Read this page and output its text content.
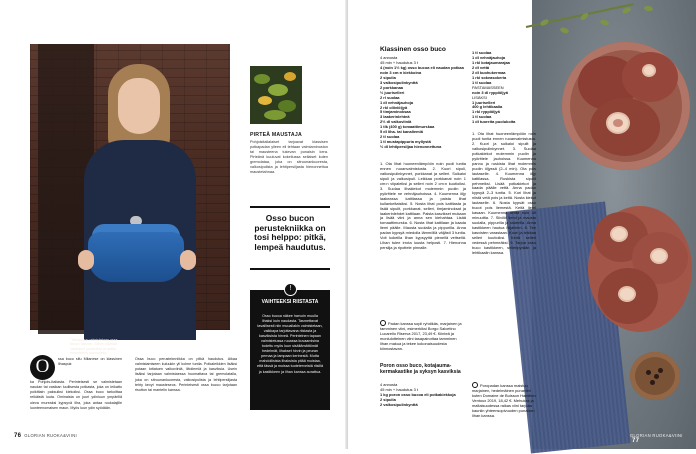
”Talvisessa valmistetaan ossa bucco harvoin. Siihen käyttää vasikanni punaviiniä ja lisään mausteena rosmariinia.”
O	ssa buco sifu Milanese on klassinen lihaspuk
ka Pohjois-Italiasta. Perinteisesti se valmistetaan naudan tai vasikan luullisesta potkasta, joka on leikattu poikittain paksuiksi kiekoiksi. Ossa buco tarkoittaa reikäistä luuta. Ominaista on juuri ydinluun ympärillä oleva mureaksi kypsyvä liha, joka antaa ruokalajille luonteenomaisen maun. Myös luun ydin syödään.
Ossa buco perusteknniikka on pitkä haudutus. Aikaa valmistamiseen kuluukin yli kolme tuntia. Potkaleikkien lisäksi potaan lottatuen valkoviiniä, liitoliemiä ja kasviksia. Usein lisäksi tarjotaan valmistaessa huomattava tai gremolatalla, joka on sitruunankuoresta, valkosipulista ja lehtipersiljasta tehty kevyt mausteseos. Perinteisesti ossa bucco tarjotaan risotton tai mantelin kanssa.
PIRTEÄ MAUSTAJA
Pohjoisitalialaiset tarjoavat klassisen potkapadan ylleen eli tehtaan valmiaminoston tai mausteena tukevan punaisin kera. Pirteänä kuuluvat kokeilussa sellaiset kuten gremolataa, joka on sitruunankuoresta, valkosipulista ja lehtipersiljasta hienonnettua maustetahnaa.
Osso bucon perustekniikka on tosi helppo: pitkä, lempeä haudutus.
!
VAIHTEEKSI RIISTASTA
Osso bucoa näkee harvoin muulla lihaksi kuin naudasta. Tasmettavat tavallisesti niin muuallakin valmistetaan, vaikkapa tarjottavana riistasta ja kasviksista hirveä. Perinteinen tapaan valmistetussa ruoassa kuvaamisina todettu myös luun sisältämättömät hedelmät, lihakset hirvin ja peuran pernaa ja lampaan kerinestä. Mutta mahdollisista lihaksista pitää muistaa, että tässä ja muissa tuoteterveistä riisillä ja kastikkeen ja lihan kanssa aurattua.
76 GLORIAN RUOKA&VIINI
Klassinen osso buco
4 annosta
45 min + haudutus 3 t
4 (noin 1½ kg) osso bucoa eli naudan potkaa noin 3 cm:n kiekkoina
2 sipulia
3 valkosipulinkynttä
2 porkkanaa
½ juuriselleri
2 rl suolaa
1 dl vehnäjauhoja
2 rkl oliiviöljyä
5 timjaminoksaa
3 laakerinlehteä
2½ dl valkoviiniä
1 tlk (400 g) tomaattimurskaa
5 dl liha- tai kanaliemiä
2 tl suolaa
1 tl mustapippuria myllystä
½ dl lehtipersiljaa hienonnettuna
1 tl suolaa
1 dl vehnäjauhoja
1 rkl kotajaumarajaa
2 dl vettä
2 dl kuohukermaa
1 rkl sokeasokeria
1 tl suolaa
PASTAMASSEEN
noin 3 dl ryppiöljyä
LISÄKSI
1 juuriselleri
400 g lehtikaalia
1 rkl ryppiöljyä
1 tl suolaa
1 dl tuoreita puolukoita
1. Ota lihat huoneenlämpöön noin puoli tuntia ennen ruoanvalmistusta. 2. Kuori sipuli, valkosipulinkynnet, porkkanat ja selleri. Suikaloi sipuli ja valkosipuli. Leikkaa porkkanat noin 1 cm:n viipaleiksi ja selleri noin 2 cm:n kuutioiksi. 3. Suolaa lihakiekot molemmin puolin ja pyörittele ne vehnäjauhoissa. 4. Kuumenna öljy laakeassa kattilassa ja paista lihat kullankeltaisiksi. 5. Nosta lihat pois kattilasta ja lisää sipulit, porkkanat, selleri, timjaminoksat ja laakerinlehdet kattilaan. Paista kasvikset mukaan ja lisää viini ja anna sen kiehahtaa. Lisää tomaattimurska. 6. Nosta lihat kattilaan ja kaada liemi päälle. Mausta suolalla ja pippurilla. Anna padan kypsyä miedolla lämmöllä väljästi 3 tuntia. Voit kokeilla lihan kypsyyttä pienellä veitsellä. Lihan tulee irrota luusta helposti. 7. Hienonna persilja ja ripottele pinnalle.
Padan kanssa sopii ryhdikäs, marjainen ja tamminen viini, esimerkiksi Borgo Salcetino Lucarello Riserva 2017, 23,49 €. Kiinteä ja moniulotteinen viini tasapainottaa tamminen lihan makua ja tekee kokonaisuudesta kiinnostavan.
Poron osso buco, kotajauma-kermakastike ja syksyn kasviksia
4 annosta
45 min + haudutus 3 t
1 kg poron osso bucoa eli potkakiekkoja
2 sipulia
2 valkosipulinkynttä
1. Ota lihat huoneenlämpöön noin puoli tuntia ennen ruoanvalmistusta. 2. Kuori ja suikaloi sipulit ja valkosipulinkynnet. 3. Suolaa potkakiekot molemmin puolin ja pyörittele jauhoissa. Kuumenna pannu ja ruskista lihat molemmin puolin öljyssä (2–4 min). Ota pois lautaselle. 4. Kuumenna öljy kattilassa. Ruskista sipulit pehmeiksi. Lisää potkakiekot ja kaada päälle vettä. Anna padan kypsyä 2–3 tuntia. 5. Kuri lihat ja niistä vetä pois ja keitä. Nosta kiekot lautaselle. 6. Nosta kypsät osso bucot pois liemestä. Keitä liemi kasaan. Kuumenna lientä noin 45 minuuttia. 7. Siivilöi liemi ja mausta suolalla, pippurilla ja sokerilla. Anna kastikkeen hautua hiljalleen. 8. Tee kasvisten varastaan. Kuori ja leikkaa selleri kuutioiksi. Keitä selleri vedessä pehmeäksi. 9. Tarjoa osso buco kastikkeen, selleripyrään ja lehtikaalin kanssa.
Poropadan kanssa maistuu marjainen, hedelmäinen punaviini kuten Domaine de Buisson Hamilton Ventoux 2019, 18,42 €. Mehukas ja maltaisuudessa raikas viini tarjoaa kauniin yhteensopivuuden punaisen lihan kanssa.
GLORIAN RUOKA&VIINI 77
